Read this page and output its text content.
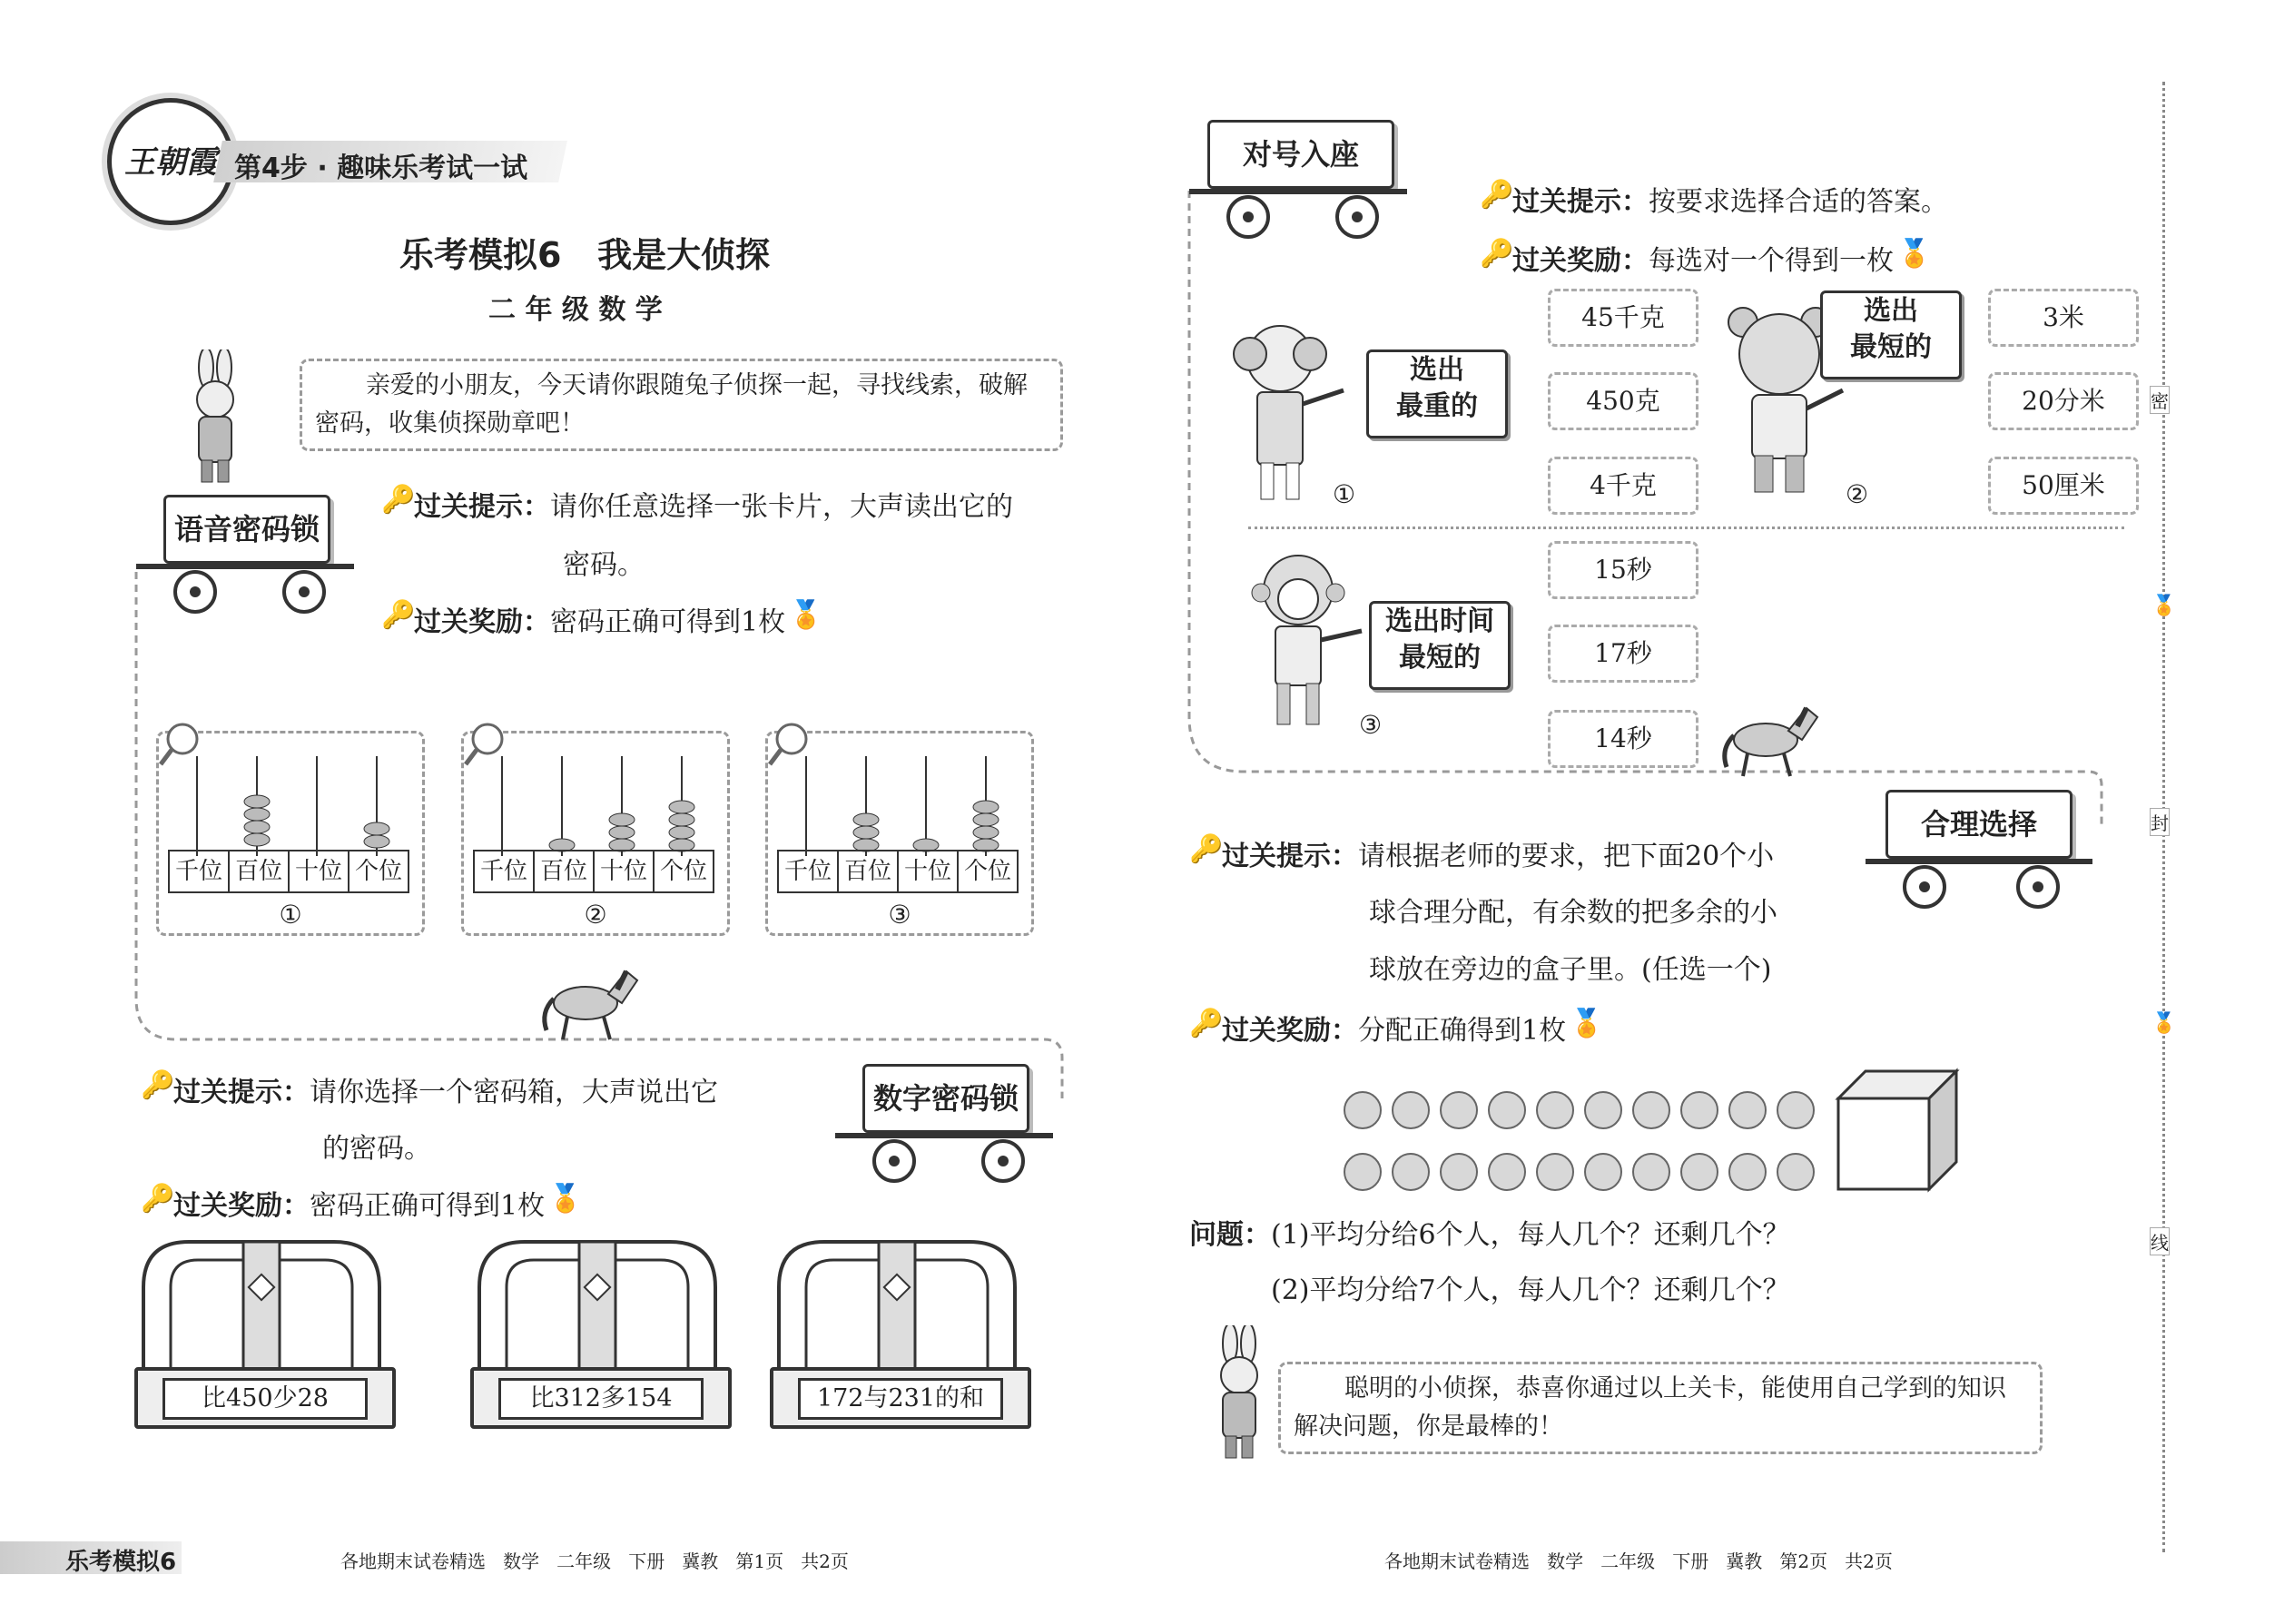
王朝霞 第4步 · 趣味乐考试一试
乐考模拟6   我是大侦探
二 年 级 数 学
亲爱的小朋友，今天请你跟随兔子侦探一起，寻找线索，破解密码，收集侦探勋章吧！
语音密码锁
🔑
过关提示： 请你任意选择一张卡片，大声读出它的
密码。
🔑
过关奖励： 密码正确可得到1枚 🏅
千位 百位 十位 个位
①
千位 百位 十位 个位
②
千位 百位 十位 个位
③
数字密码锁
🔑
过关提示： 请你选择一个密码箱，大声说出它
的密码。
🔑
过关奖励： 密码正确可得到1枚 🏅
比450少28	比312多154	172与231的和
乐考模拟6	各地期末试卷精选   数学   二年级   下册   冀教   第1页   共2页
对号入座
🔑
过关提示： 按要求选择合适的答案。
🔑
过关奖励： 每选对一个得到一枚 🏅
选出
最重的
①
45千克
450克
4千克
选出
最短的
②
3米
20分米
50厘米
选出时间
最短的
③
15秒
17秒
14秒
合理选择
🔑
过关提示： 请根据老师的要求，把下面20个小
球合理分配，有余数的把多余的小
球放在旁边的盒子里。(任选一个)
🔑
过关奖励： 分配正确得到1枚 🏅
问题： (1)平均分给6个人，每人几个？还剩几个？
(2)平均分给7个人，每人几个？还剩几个？
聪明的小侦探，恭喜你通过以上关卡，能使用自己学到的知识解决问题，你是最棒的！
各地期末试卷精选   数学   二年级   下册   冀教   第2页   共2页
密
封
线
🏅
🏅
